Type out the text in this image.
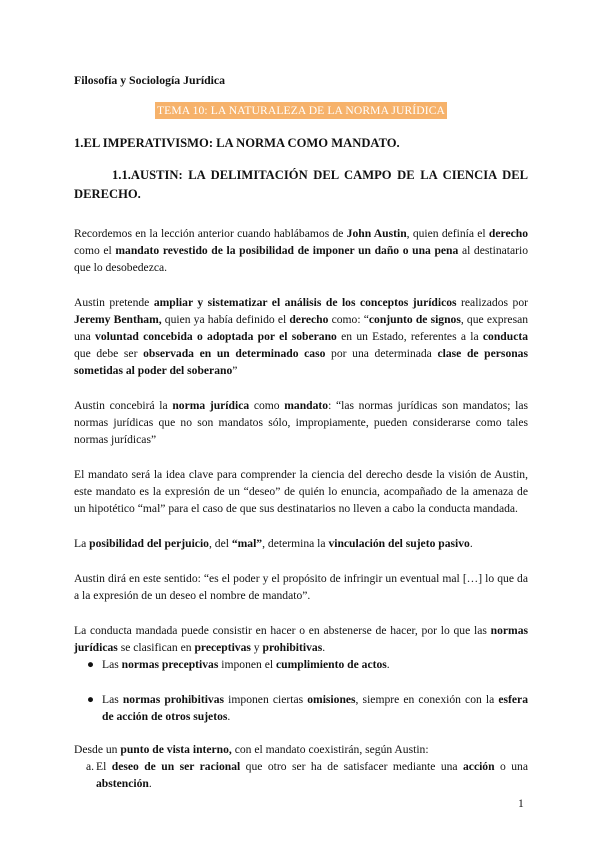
Filosofía y Sociología Jurídica
TEMA 10: LA NATURALEZA DE LA NORMA JURÍDICA
1.EL IMPERATIVISMO: LA NORMA COMO MANDATO.
1.1.AUSTIN: LA DELIMITACIÓN DEL CAMPO DE LA CIENCIA DEL DERECHO.

Recordemos en la lección anterior cuando hablábamos de John Austin, quien definía el derecho como el mandato revestido de la posibilidad de imponer un daño o una pena al destinatario que lo desobedezca.

Austin pretende ampliar y sistematizar el análisis de los conceptos jurídicos realizados por Jeremy Bentham, quien ya había definido el derecho como: “conjunto de signos, que expresan una voluntad concebida o adoptada por el soberano en un Estado, referentes a la conducta que debe ser observada en un determinado caso por una determinada clase de personas sometidas al poder del soberano”

Austin concebirá la norma jurídica como mandato: “las normas jurídicas son mandatos; las normas jurídicas que no son mandatos sólo, impropiamente, pueden considerarse como tales normas jurídicas”

El mandato será la idea clave para comprender la ciencia del derecho desde la visión de Austin, este mandato es la expresión de un “deseo” de quién lo enuncia, acompañado de la amenaza de un hipotético “mal” para el caso de que sus destinatarios no lleven a cabo la conducta mandada.

La posibilidad del perjuicio, del “mal”, determina la vinculación del sujeto pasivo.

Austin dirá en este sentido: “es el poder y el propósito de infringir un eventual mal […] lo que da a la expresión de un deseo el nombre de mandato”.

La conducta mandada puede consistir en hacer o en abstenerse de hacer, por lo que las normas jurídicas se clasifican en preceptivas y prohibitivas.

● Las normas preceptivas imponen el cumplimiento de actos.
● Las normas prohibitivas imponen ciertas omisiones, siempre en conexión con la esfera de acción de otros sujetos.

Desde un punto de vista interno, con el mandato coexistirán, según Austin:

a. El deseo de un ser racional que otro ser ha de satisfacer mediante una acción o una abstención.
1
